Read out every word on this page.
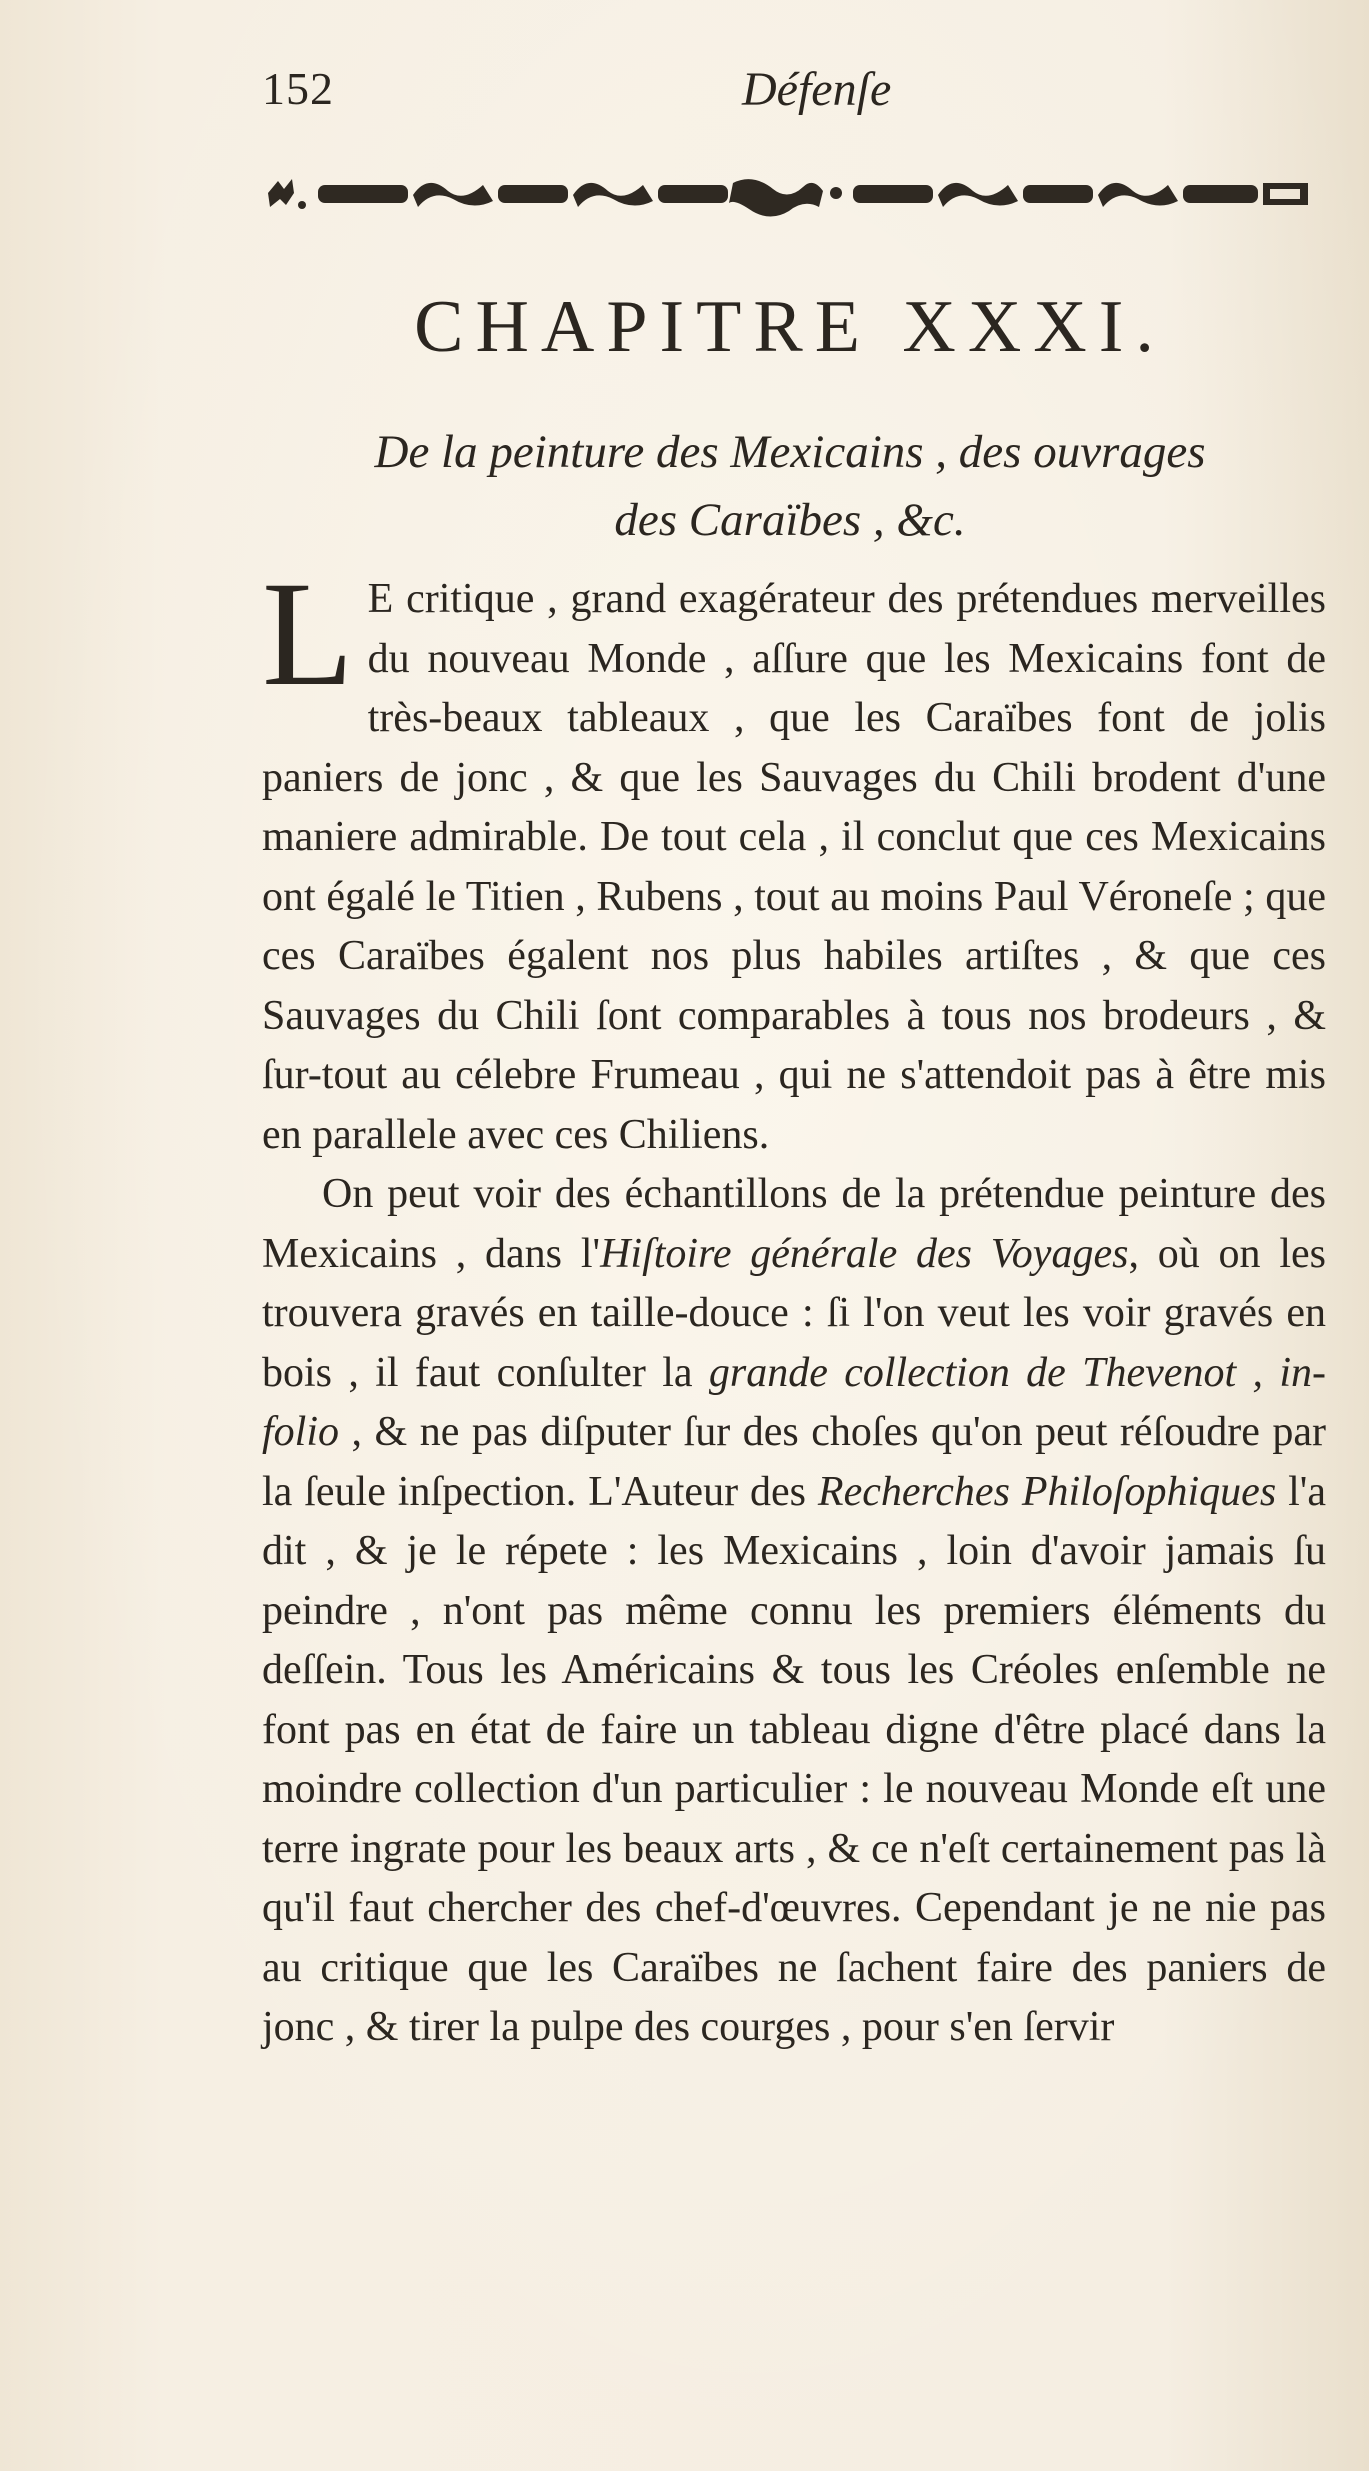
152	Défenſe
CHAPITRE XXXI.
De la peinture des Mexicains , des ouvrages
des Caraïbes , &c.

L E critique , grand exagérateur des prétendues merveilles du nouveau Monde , aſſure que les Mexicains font de très-beaux tableaux , que les Caraïbes font de jolis paniers de jonc , & que les Sauvages du Chili brodent d'une maniere admirable. De tout cela , il conclut que ces Mexicains ont égalé le Titien , Rubens , tout au moins Paul Véroneſe ; que ces Caraïbes égalent nos plus habiles artiſtes , & que ces Sauvages du Chili ſont comparables à tous nos brodeurs , & ſur-tout au célebre Frumeau , qui ne s'attendoit pas à être mis en parallele avec ces Chiliens.

On peut voir des échantillons de la prétendue peinture des Mexicains , dans l'Hiſtoire générale des Voyages, où on les trouvera gravés en taille-douce : ſi l'on veut les voir gravés en bois , il faut conſulter la grande collection de Thevenot , in-folio , & ne pas diſputer ſur des choſes qu'on peut réſoudre par la ſeule inſpection. L'Auteur des Recherches Philoſophiques l'a dit , & je le répete : les Mexicains , loin d'avoir jamais ſu peindre , n'ont pas même connu les premiers éléments du deſſein. Tous les Américains & tous les Créoles enſemble ne font pas en état de faire un tableau digne d'être placé dans la moindre collection d'un particulier : le nouveau Monde eſt une terre ingrate pour les beaux arts , & ce n'eſt certainement pas là qu'il faut chercher des chef-d'œuvres. Cependant je ne nie pas au critique que les Caraïbes ne ſachent faire des paniers de jonc , & tirer la pulpe des courges , pour s'en ſervir
